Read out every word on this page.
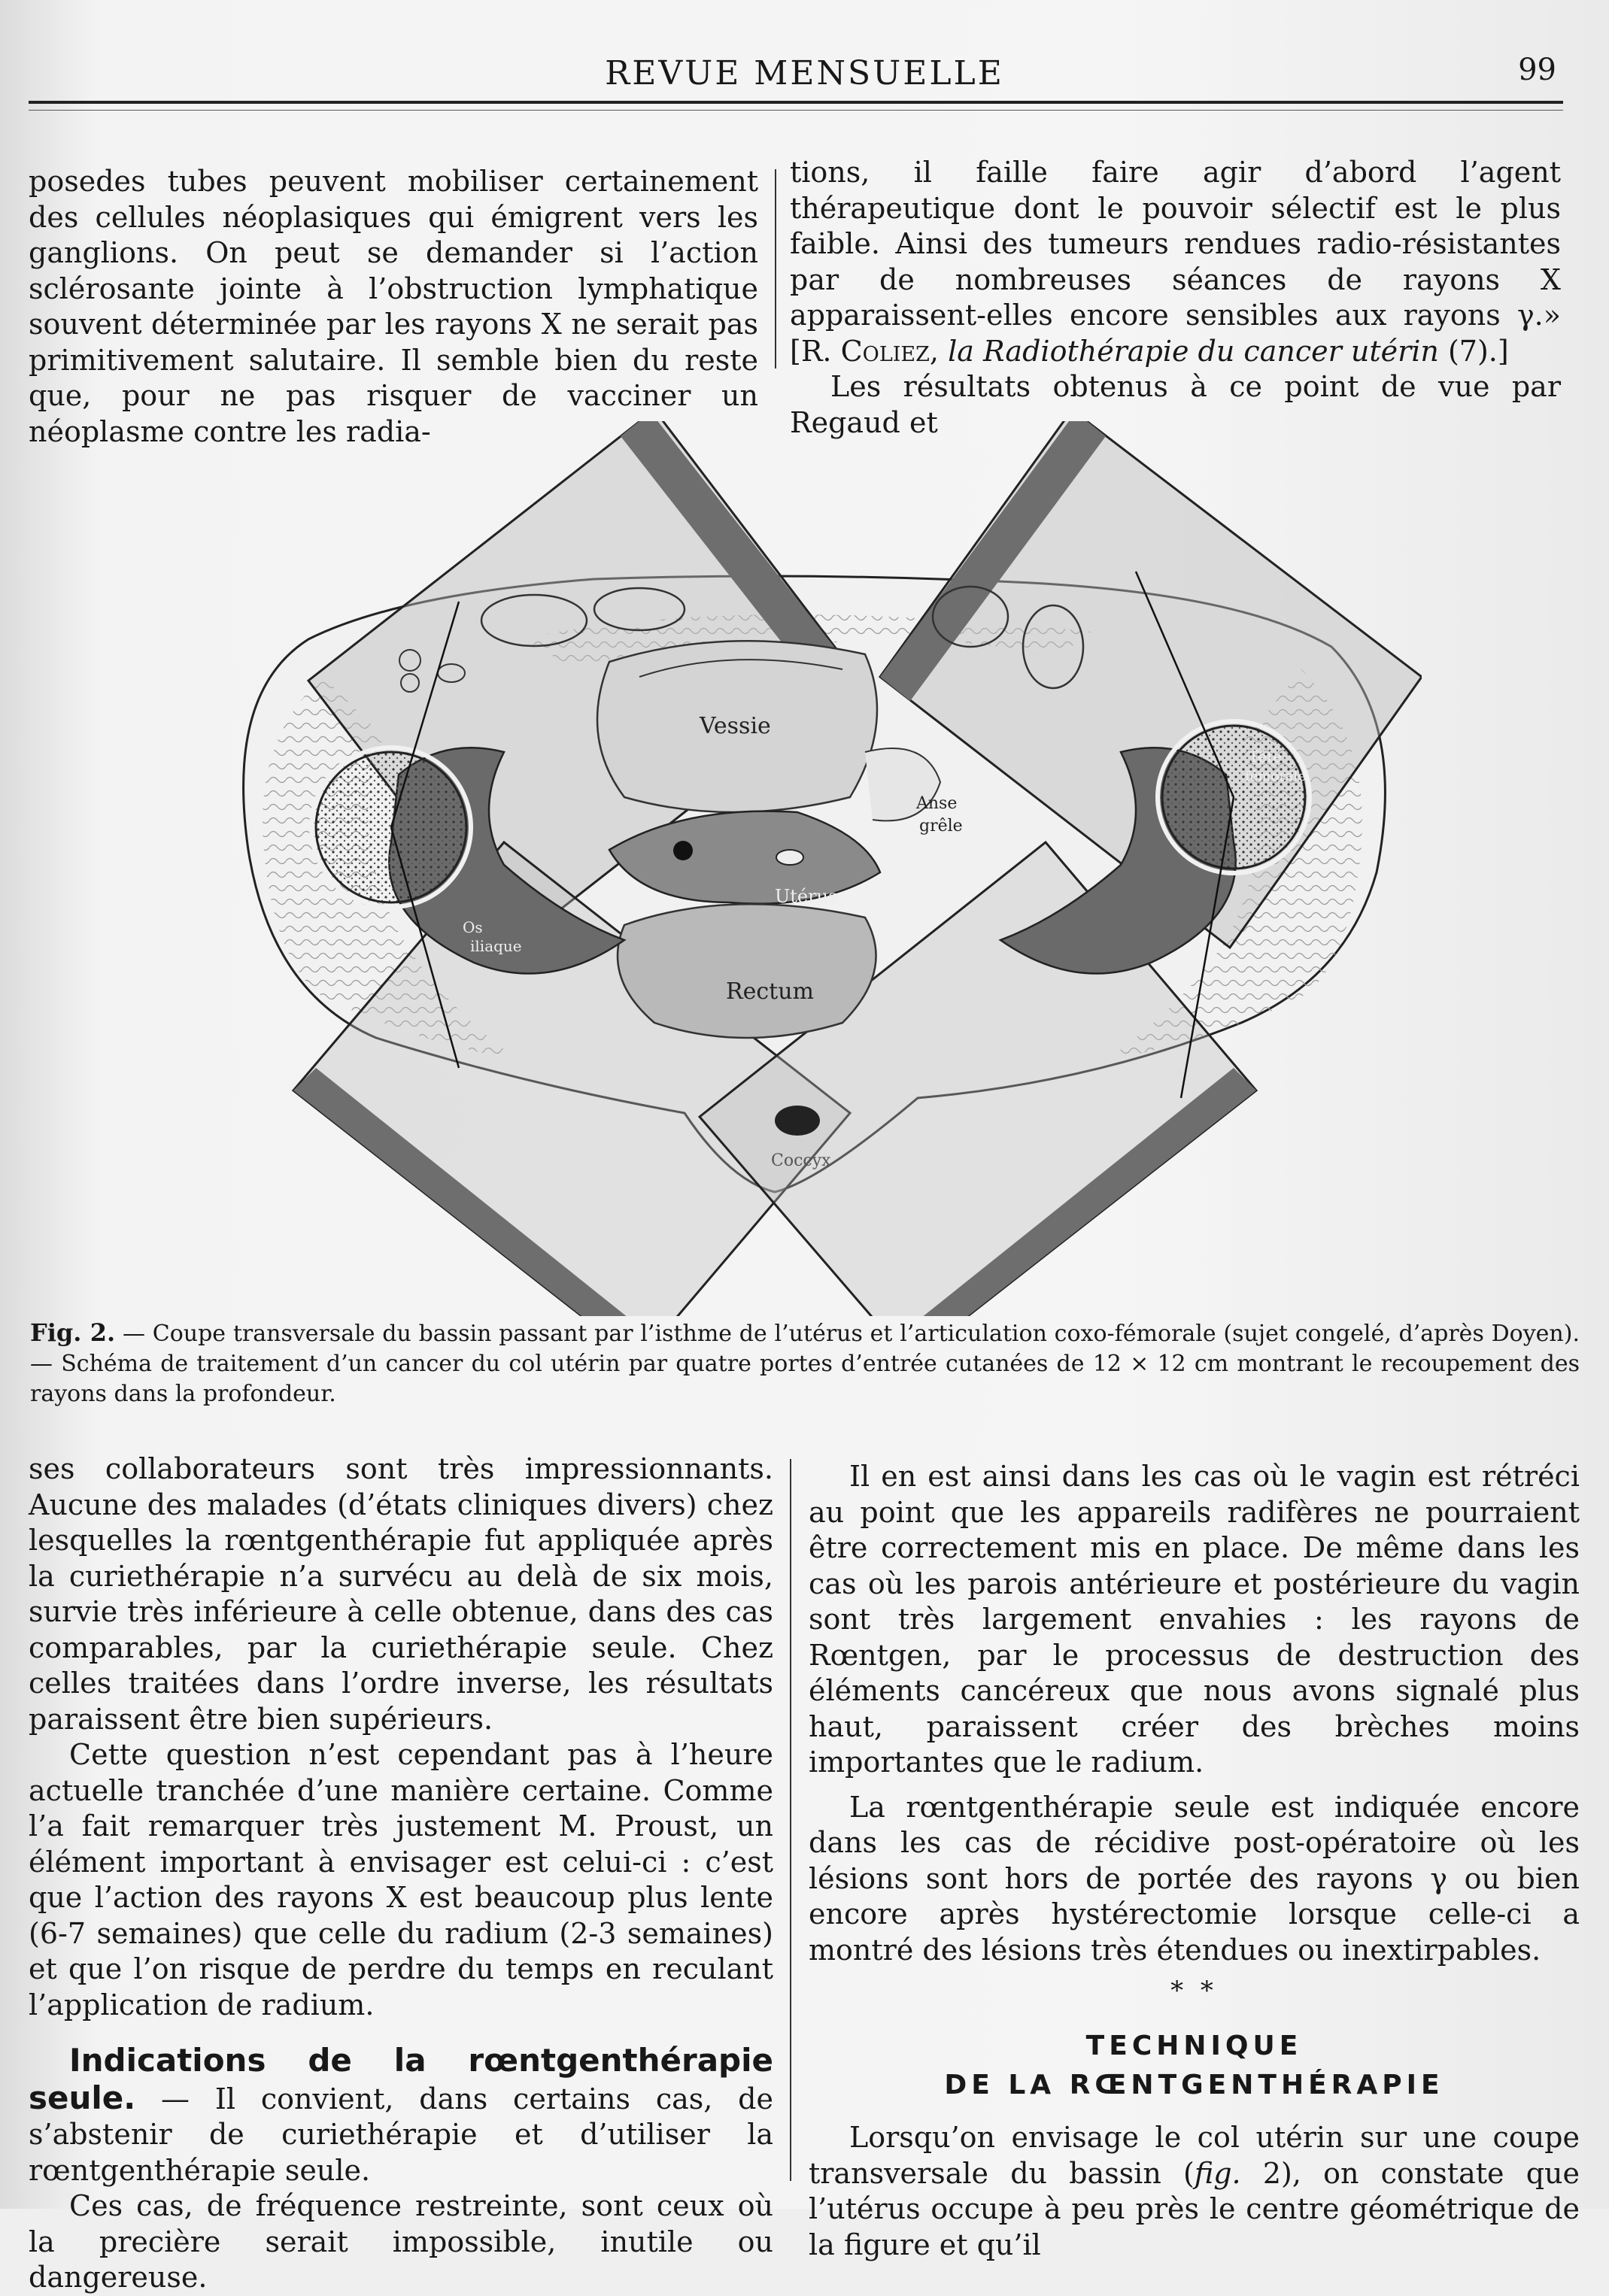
REVUE MENSUELLE	99

posedes tubes peuvent mobiliser certainement des cellules néoplasiques qui émigrent vers les ganglions. On peut se demander si l’action sclérosante jointe à l’obstruction lymphatique souvent déterminée par les rayons X ne serait pas primitivement salutaire. Il semble bien du reste que, pour ne pas risquer de vacciner un néoplasme contre les radia-

tions, il faille faire agir d’abord l’agent thérapeutique dont le pouvoir sélectif est le plus faible. Ainsi des tumeurs rendues radio-résistantes par de nombreuses séances de rayons X apparaissent-elles encore sensibles aux rayons γ.» [R. Coliez, la Radiothérapie du cancer utérin (7).]

Les résultats obtenus à ce point de vue par Regaud et

Vessie
Anse
grêle
Utérus
Rectum
Coccyx
Tête
fémorale
Os
iliaque
Fig. 2. — Coupe transversale du bassin passant par l’isthme de l’utérus et l’articulation coxo-fémorale (sujet congelé, d’après Doyen). — Schéma de traitement d’un cancer du col utérin par quatre portes d’entrée cutanées de 12 × 12 cm montrant le recoupement des rayons dans la profondeur.

ses collaborateurs sont très impressionnants. Aucune des malades (d’états cliniques divers) chez lesquelles la rœntgenthérapie fut appliquée après la curiethérapie n’a survécu au delà de six mois, survie très inférieure à celle obtenue, dans des cas comparables, par la curiethérapie seule. Chez celles traitées dans l’ordre inverse, les résultats paraissent être bien supérieurs.

Cette question n’est cependant pas à l’heure actuelle tranchée d’une manière certaine. Comme l’a fait remarquer très justement M. Proust, un élément important à envisager est celui-ci : c’est que l’action des rayons X est beaucoup plus lente (6-7 semaines) que celle du radium (2-3 semaines) et que l’on risque de perdre du temps en reculant l’application de radium.

Indications de la rœntgenthérapie seule. — Il convient, dans certains cas, de s’abstenir de curiethérapie et d’utiliser la rœntgenthérapie seule.

Ces cas, de fréquence restreinte, sont ceux où la precière serait impossible, inutile ou dangereuse.

Il en est ainsi dans les cas où le vagin est rétréci au point que les appareils radifères ne pourraient être correctement mis en place. De même dans les cas où les parois antérieure et postérieure du vagin sont très largement envahies : les rayons de Rœntgen, par le processus de destruction des éléments cancéreux que nous avons signalé plus haut, paraissent créer des brèches moins importantes que le radium.

La rœntgenthérapie seule est indiquée encore dans les cas de récidive post-opératoire où les lésions sont hors de portée des rayons γ ou bien encore après hystérectomie lorsque celle-ci a montré des lésions très étendues ou inextirpables.

* *
TECHNIQUE
DE LA RŒNTGENTHÉRAPIE

Lorsqu’on envisage le col utérin sur une coupe transversale du bassin (fig. 2), on constate que l’utérus occupe à peu près le centre géométrique de la figure et qu’il
